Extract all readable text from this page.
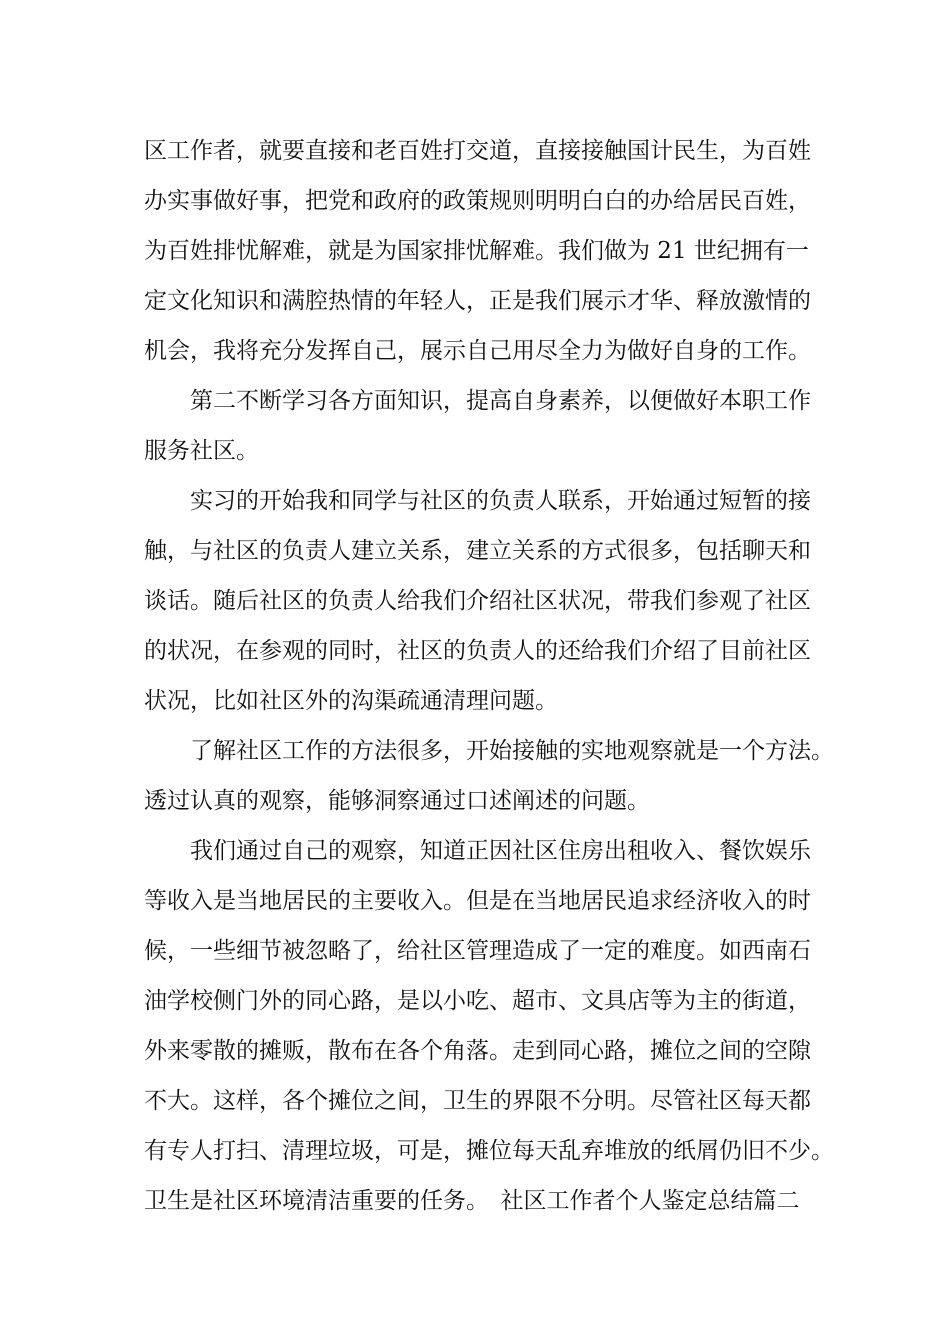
区工作者，就要直接和老百姓打交道，直接接触国计民生，为百姓

办实事做好事，把党和政府的政策规则明明白白的办给居民百姓，

为百姓排忧解难，就是为国家排忧解难。我们做为 21 世纪拥有一

定文化知识和满腔热情的年轻人，正是我们展示才华、释放激情的

机会，我将充分发挥自己，展示自己用尽全力为做好自身的工作。

　　第二不断学习各方面知识，提高自身素养，以便做好本职工作

服务社区。

　　实习的开始我和同学与社区的负责人联系，开始通过短暂的接

触，与社区的负责人建立关系，建立关系的方式很多，包括聊天和

谈话。随后社区的负责人给我们介绍社区状况，带我们参观了社区

的状况，在参观的同时，社区的负责人的还给我们介绍了目前社区

状况，比如社区外的沟渠疏通清理问题。

　　了解社区工作的方法很多，开始接触的实地观察就是一个方法。

透过认真的观察，能够洞察通过口述阐述的问题。

　　我们通过自己的观察，知道正因社区住房出租收入、餐饮娱乐

等收入是当地居民的主要收入。但是在当地居民追求经济收入的时

候，一些细节被忽略了，给社区管理造成了一定的难度。如西南石

油学校侧门外的同心路，是以小吃、超市、文具店等为主的街道，

外来零散的摊贩，散布在各个角落。走到同心路，摊位之间的空隙

不大。这样，各个摊位之间，卫生的界限不分明。尽管社区每天都

有专人打扫、清理垃圾，可是，摊位每天乱弃堆放的纸屑仍旧不少。

卫生是社区环境清洁重要的任务。　社区工作者个人鉴定总结篇二
